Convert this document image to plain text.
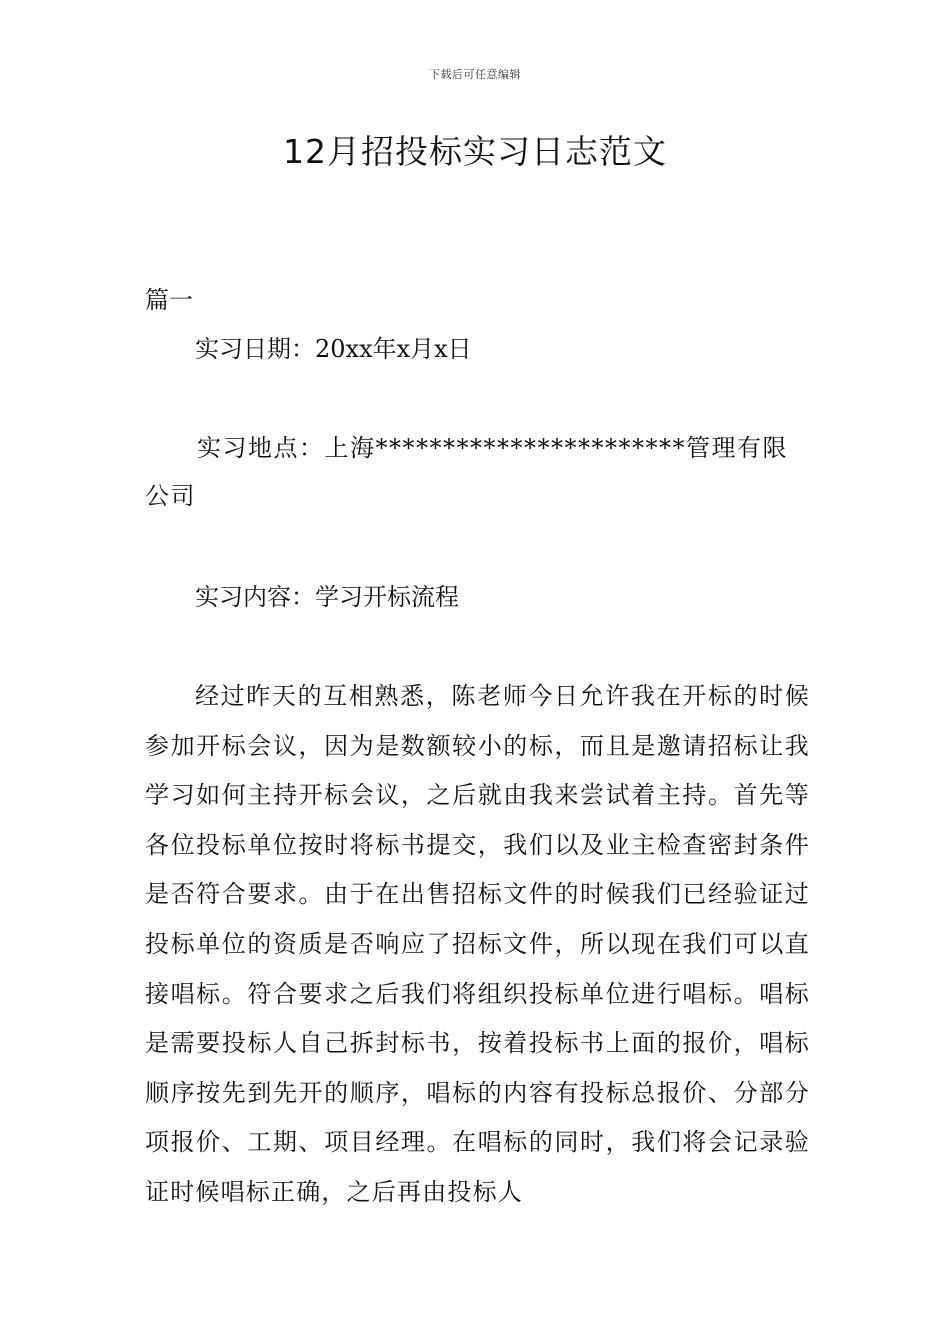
下载后可任意编辑
12月招投标实习日志范文
篇一
实习日期：20xx年x月x日
实习地点：上海***********************管理有限公司
实习内容：学习开标流程
经过昨天的互相熟悉，陈老师今日允许我在开标的时候参加开标会议，因为是数额较小的标，而且是邀请招标让我学习如何主持开标会议，之后就由我来尝试着主持。首先等各位投标单位按时将标书提交，我们以及业主检查密封条件是否符合要求。由于在出售招标文件的时候我们已经验证过投标单位的资质是否响应了招标文件，所以现在我们可以直接唱标。符合要求之后我们将组织投标单位进行唱标。唱标是需要投标人自己拆封标书，按着投标书上面的报价，唱标顺序按先到先开的顺序，唱标的内容有投标总报价、分部分项报价、工期、项目经理。在唱标的同时，我们将会记录验证时候唱标正确，之后再由投标人
